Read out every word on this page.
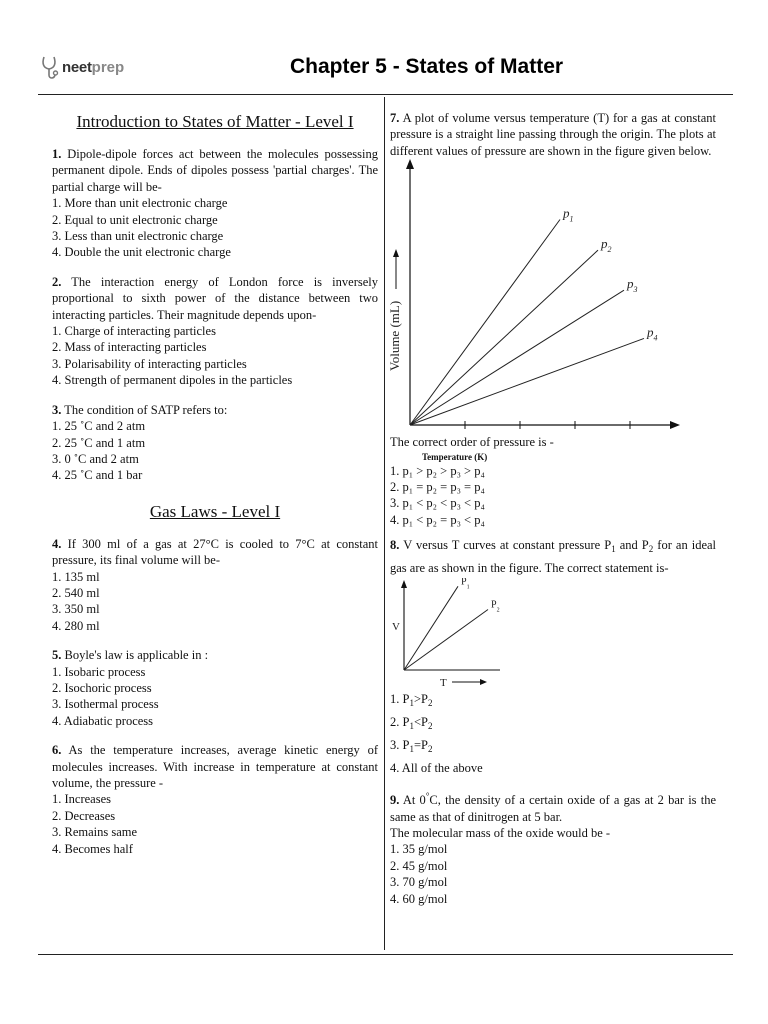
neetprep	Chapter 5 - States of Matter
Introduction to States of Matter - Level I
1. Dipole-dipole forces act between the molecules possessing permanent dipole. Ends of dipoles possess 'partial charges'. The partial charge will be-
1. More than unit electronic charge
2. Equal to unit electronic charge
3. Less than unit electronic charge
4. Double the unit electronic charge
2. The interaction energy of London force is inversely proportional to sixth power of the distance between two interacting particles. Their magnitude depends upon-
1. Charge of interacting particles
2. Mass of interacting particles
3. Polarisability of interacting particles
4. Strength of permanent dipoles in the particles
3. The condition of SATP refers to:
1. 25 ˚C and 2 atm
2. 25 ˚C and 1 atm
3. 0 ˚C and 2 atm
4. 25 ˚C and 1 bar
Gas Laws - Level I
4. If 300 ml of a gas at 27°C is cooled to 7°C at constant pressure, its final volume will be-
1. 135 ml
2. 540 ml
3. 350 ml
4. 280 ml
5. Boyle's law is applicable in :
1. Isobaric process
2. Isochoric process
3. Isothermal process
4. Adiabatic process
6. As the temperature increases, average kinetic energy of molecules increases. With increase in temperature at constant volume, the pressure -
1. Increases
2. Decreases
3. Remains same
4. Becomes half
7. A plot of volume versus temperature (T) for a gas at constant pressure is a straight line passing through the origin. The plots at different values of pressure are shown in the figure given below.
Volume (mL)
$p_1$
$p_2$
$p_3$
$p_4$
The correct order of pressure is -
Temperature (K)
1. p₁ > p₂ > p₃ > p₄
2. p₁ = p₂ = p₃ = p₄
3. p₁ < p₂ < p₃ < p₄
4. p₁ < p₂ = p₃ < p₄
8. V versus T curves at constant pressure $P_1$ and $P_2$ for an ideal gas are as shown in the figure. The correct statement is-
V
T
$P_1$
$P_2$
1. $P_1>P_2$
2. $P_1<P_2$
3. $P_1=P_2$
4. All of the above
9. At 0°C, the density of a certain oxide of a gas at 2 bar is the same as that of dinitrogen at 5 bar.
The molecular mass of the oxide would be -
1. 35 g/mol
2. 45 g/mol
3. 70 g/mol
4. 60 g/mol
